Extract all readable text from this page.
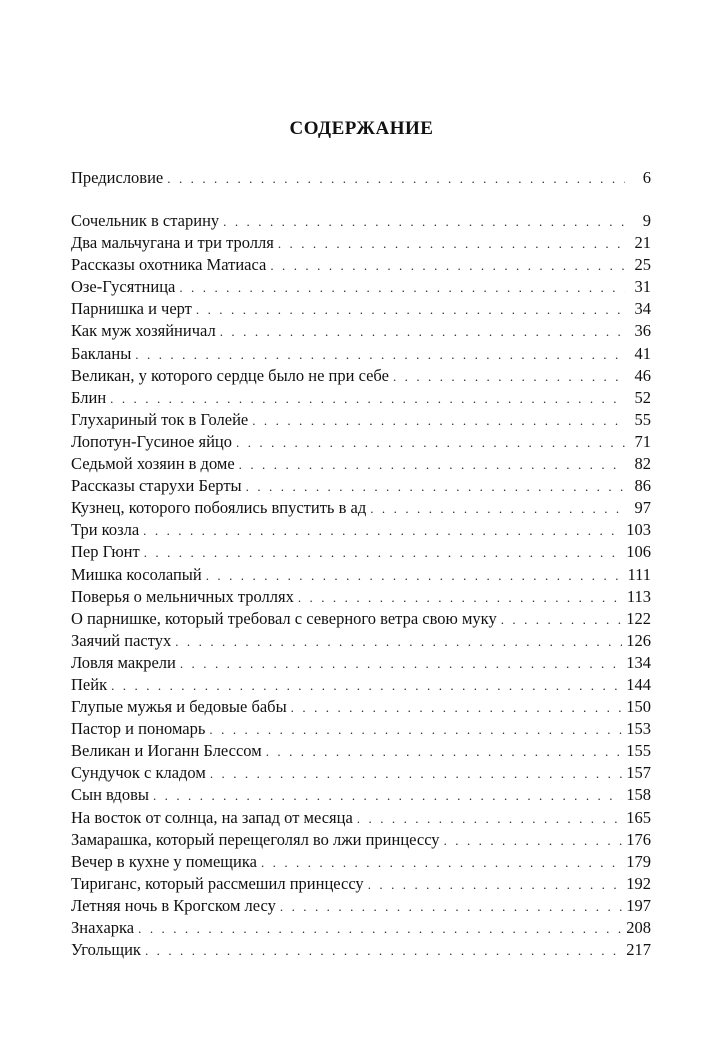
СОДЕРЖАНИЕ
Предисловие . . .	6
Сочельник в старину . . .	9
Два мальчугана и три тролля . . .	21
Рассказы охотника Матиаса . . .	25
Озе-Гусятница . . .	31
Парнишка и черт . . .	34
Как муж хозяйничал . . .	36
Бакланы . . .	41
Великан, у которого сердце было не при себе . . .	46
Блин . . .	52
Глухариный ток в Голейе . . .	55
Лопотун-Гусиное яйцо . . .	71
Седьмой хозяин в доме . . .	82
Рассказы старухи Берты . . .	86
Кузнец, которого побоялись впустить в ад . . .	97
Три козла . . .	103
Пер Гюнт . . .	106
Мишка косолапый . . .	111
Поверья о мельничных троллях . . .	113
О парнишке, который требовал с северного ветра свою муку . . .	122
Заячий пастух . . .	126
Ловля макрели . . .	134
Пейк . . .	144
Глупые мужья и бедовые бабы . . .	150
Пастор и пономарь . . .	153
Великан и Иоганн Блессом . . .	155
Сундучок с кладом . . .	157
Сын вдовы . . .	158
На восток от солнца, на запад от месяца . . .	165
Замарашка, который перещеголял во лжи принцессу . . .	176
Вечер в кухне у помещика . . .	179
Тириганс, который рассмешил принцессу . . .	192
Летняя ночь в Крогском лесу . . .	197
Знахарка . . .	208
Угольщик . . .	217
